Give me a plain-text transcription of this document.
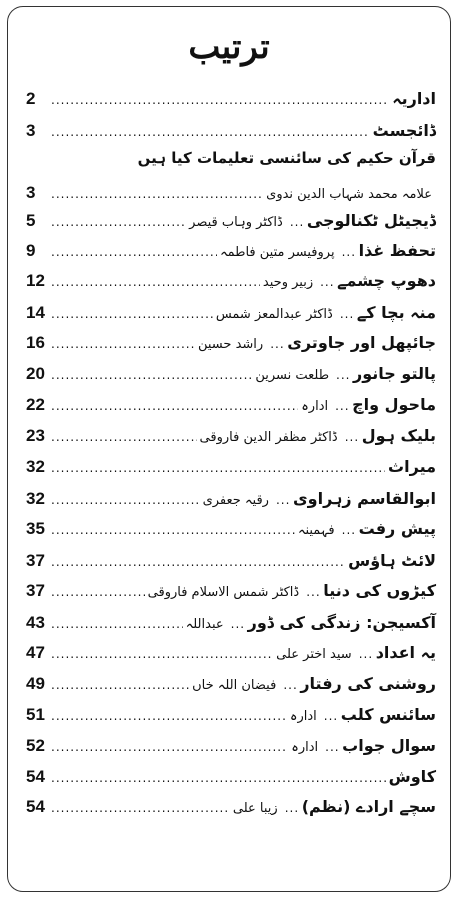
ترتیب
اداریہ
.....
2
ڈائجسٹ
.....
3
قرآن حکیم کی سائنسی تعلیمات کیا ہیں
علامہ محمد شہاب الدین ندوی
.....
3
ڈیجیٹل ٹکنالوجی
.....
ڈاکٹر وہاب قیصر
.....
5
تحفظ غذا
.....
پروفیسر متین فاطمہ
.....
9
دھوپ چشمے
.....
زبیر وحید
.....
12
منہ بچا کے
.....
ڈاکٹر عبدالمعز شمس
.....
14
جائپھل اور جاوتری
.....
راشد حسین
.....
16
پالتو جانور
.....
طلعت نسرین
.....
20
ماحول واچ
.....
ادارہ
.....
22
بلیک ہول
.....
ڈاکٹر مظفر الدین فاروقی
.....
23
میراث
.....
32
ابوالقاسم زہراوی
.....
رقیہ جعفری
.....
32
پیش رفت
.....
فہمینہ
.....
35
لائٹ ہاؤس
.....
37
کیڑوں کی دنیا
.....
ڈاکٹر شمس الاسلام فاروقی
.....
37
آکسیجن: زندگی کی ڈور
.....
عبداللہ
.....
43
یہ اعداد
.....
سید اختر علی
.....
47
روشنی کی رفتار
.....
فیضان اللہ خاں
.....
49
سائنس کلب
.....
ادارہ
.....
51
سوال جواب
.....
ادارہ
.....
52
کاوش
.....
54
سچے ارادے (نظم)
.....
زیبا علی
.....
54
